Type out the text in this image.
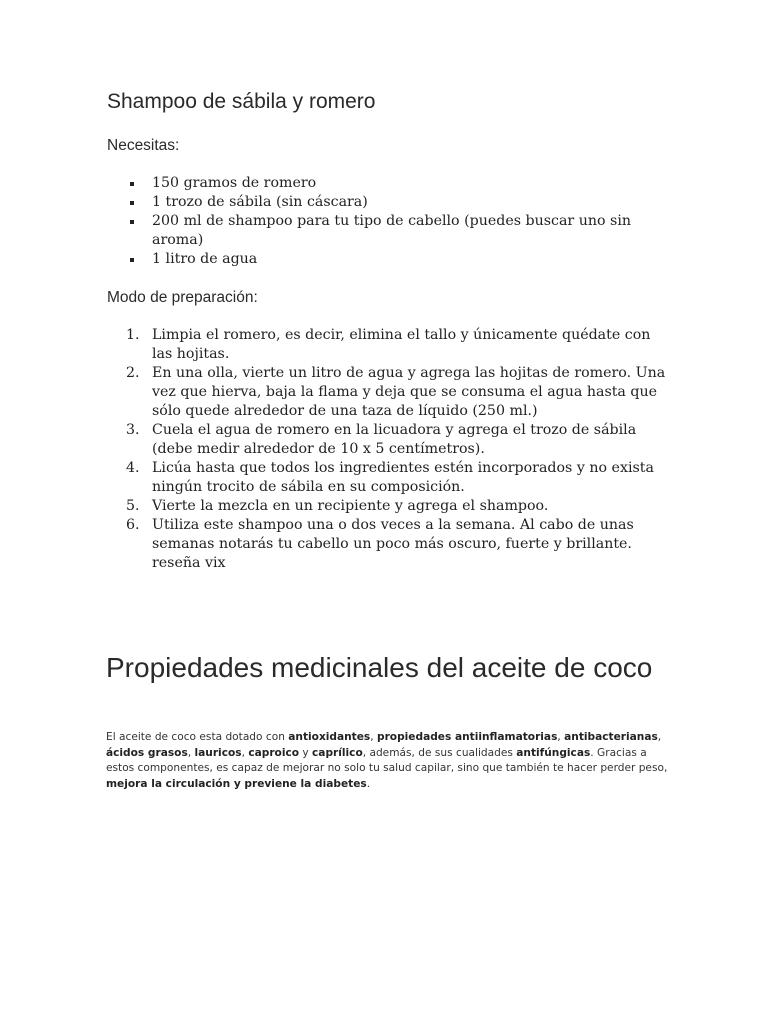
Shampoo de sábila y romero

Necesitas:

150 gramos de romero
1 trozo de sábila (sin cáscara)
200 ml de shampoo para tu tipo de cabello (puedes buscar uno sin aroma)
1 litro de agua

Modo de preparación:

1. Limpia el romero, es decir, elimina el tallo y únicamente quédate con las hojitas.
2. En una olla, vierte un litro de agua y agrega las hojitas de romero. Una vez que hierva, baja la flama y deja que se consuma el agua hasta que sólo quede alrededor de una taza de líquido (250 ml.)
3. Cuela el agua de romero en la licuadora y agrega el trozo de sábila (debe medir alrededor de 10 x 5 centímetros).
4. Licúa hasta que todos los ingredientes estén incorporados y no exista ningún trocito de sábila en su composición.
5. Vierte la mezcla en un recipiente y agrega el shampoo.
6. Utiliza este shampoo una o dos veces a la semana. Al cabo de unas semanas notarás tu cabello un poco más oscuro, fuerte y brillante. reseña vix
Propiedades medicinales del aceite de coco

El aceite de coco esta dotado con antioxidantes, propiedades antiinflamatorias, antibacterianas, ácidos grasos, lauricos, caproico y caprílico, además, de sus cualidades antifúngicas. Gracias a estos componentes, es capaz de mejorar no solo tu salud capilar, sino que también te hacer perder peso, mejora la circulación y previene la diabetes.
